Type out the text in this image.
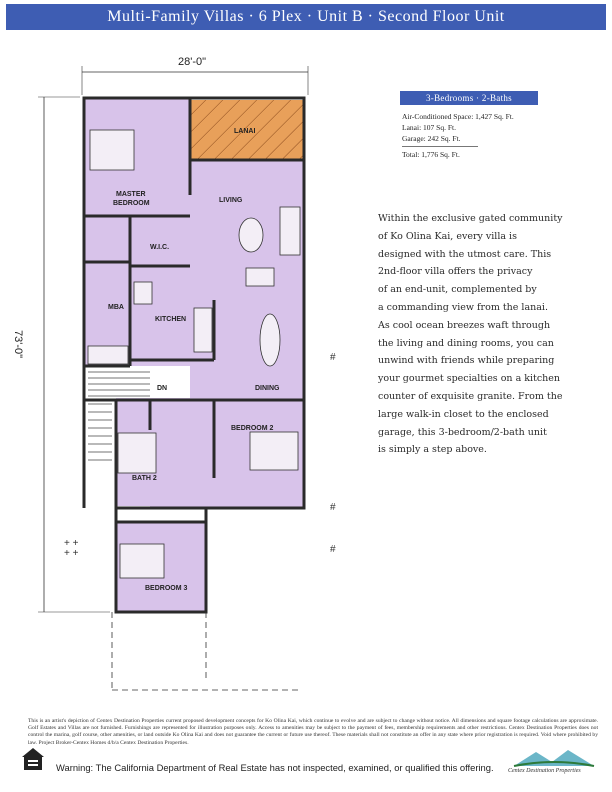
Multi-Family Villas · 6 Plex · Unit B · Second Floor Unit
#
#
#
+ +
+ +
LANAI
MASTER
BEDROOM	LIVING
W.I.C.
MBA
KITCHEN
DINING
DN
BEDROOM 2
BATH 2
BEDROOM 3
28'-0"
73'-0"
3-Bedrooms · 2-Baths
Air-Conditioned Space: 1,427 Sq. Ft.
Lanai: 107 Sq. Ft.
Garage: 242 Sq. Ft.
Total: 1,776 Sq. Ft.
Within the exclusive gated community
of Ko Olina Kai, every villa is
designed with the utmost care. This
2nd-floor villa offers the privacy
of an end-unit, complemented by
a commanding view from the lanai.
As cool ocean breezes waft through
the living and dining rooms, you can
unwind with friends while preparing
your gourmet specialties on a kitchen
counter of exquisite granite. From the
large walk-in closet to the enclosed
garage, this 3-bedroom/2-bath unit
is simply a step above.
This is an artist's depiction of Centex Destination Properties current proposed development concepts for Ko Olina Kai, which continue to evolve and are subject to change without notice. All dimensions and square footage calculations are approximate. Golf Estates and Villas are not furnished. Furnishings are represented for illustration purposes only. Access to amenities may be subject to the payment of fees, membership requirements and other restrictions. Centex Destination Properties does not control the marina, golf course, other amenities, or land outside Ko Olina Kai and does not guarantee the current or future use thereof. These materials shall not constitute an offer in any state where prior registration is required. Void where prohibited by law. Project Broker-Centex Homes d/b/a Centex Destination Properties.
Warning: The California Department of Real Estate has not inspected, examined, or qualified this offering. Centex Destination Properties
